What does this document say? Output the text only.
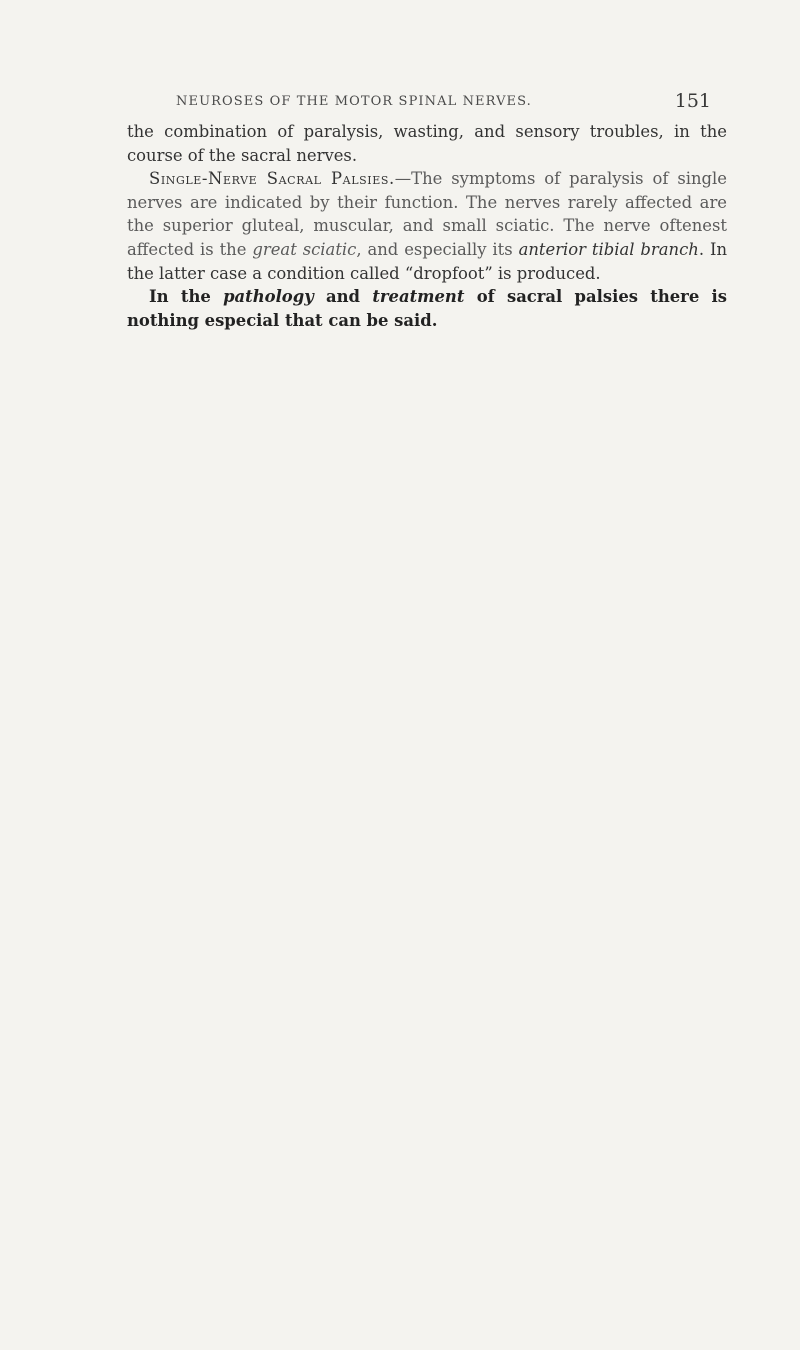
NEUROSES OF THE MOTOR SPINAL NERVES.	151

the combination of paralysis, wasting, and sensory troubles, in the course of the sacral nerves.

Single-Nerve Sacral Palsies.—The symptoms of paralysis of single nerves are indicated by their function. The nerves rarely affected are the superior gluteal, muscular, and small sciatic. The nerve oftenest affected is the great sciatic, and especially its anterior tibial branch. In the latter case a condition called “dropfoot” is produced.

In the pathology and treatment of sacral palsies there is nothing especial that can be said.
